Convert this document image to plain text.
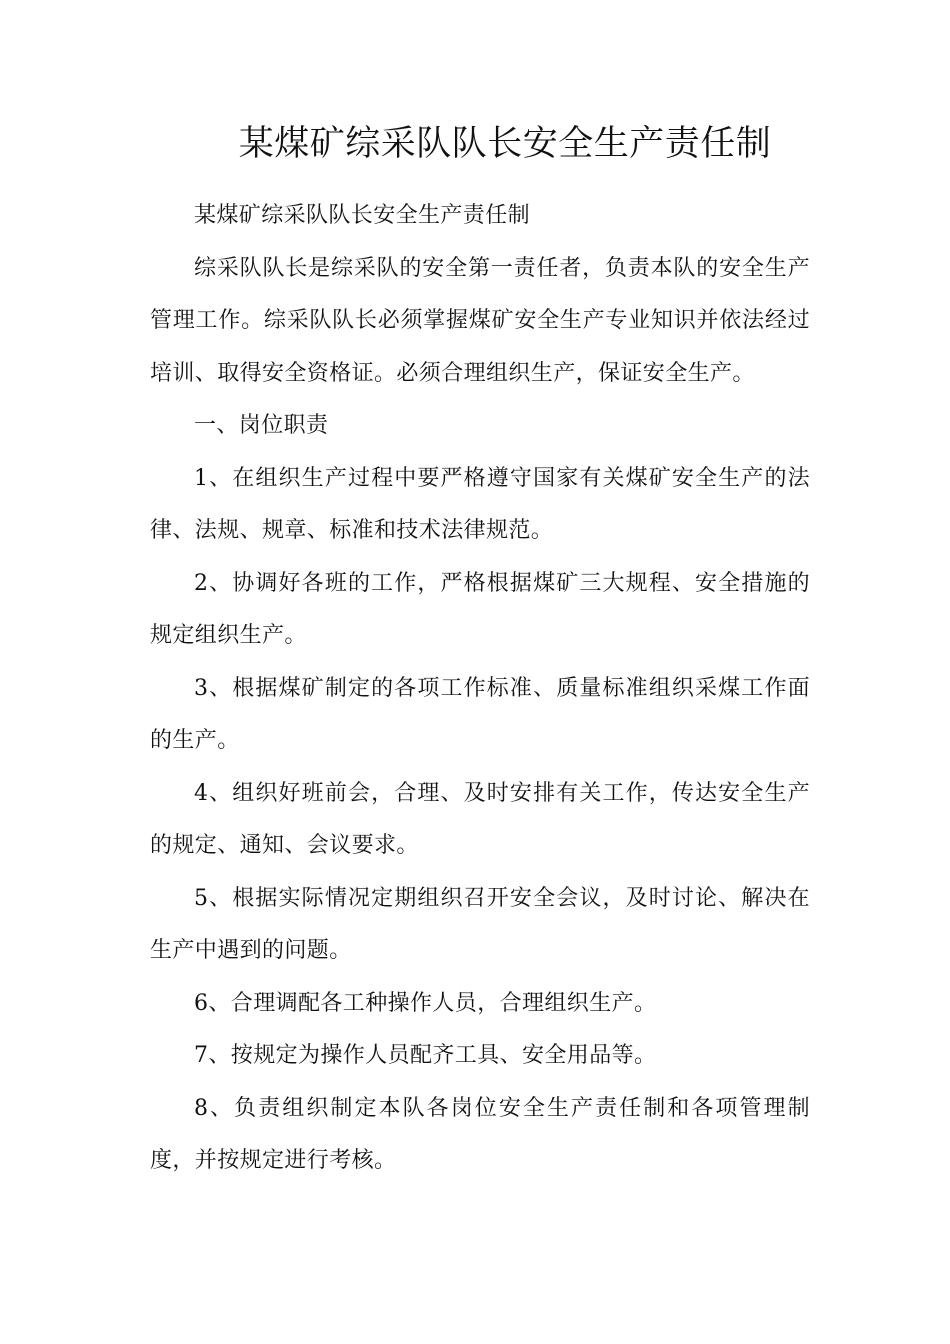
某煤矿综采队队长安全生产责任制

某煤矿综采队队长安全生产责任制

综采队队长是综采队的安全第一责任者，负责本队的安全生产管理工作。综采队队长必须掌握煤矿安全生产专业知识并依法经过培训、取得安全资格证。必须合理组织生产，保证安全生产。

一、岗位职责

1、在组织生产过程中要严格遵守国家有关煤矿安全生产的法律、法规、规章、标准和技术法律规范。

2、协调好各班的工作，严格根据煤矿三大规程、安全措施的规定组织生产。

3、根据煤矿制定的各项工作标准、质量标准组织采煤工作面的生产。

4、组织好班前会，合理、及时安排有关工作，传达安全生产的规定、通知、会议要求。

5、根据实际情况定期组织召开安全会议，及时讨论、解决在生产中遇到的问题。

6、合理调配各工种操作人员，合理组织生产。

7、按规定为操作人员配齐工具、安全用品等。

8、负责组织制定本队各岗位安全生产责任制和各项管理制度，并按规定进行考核。
